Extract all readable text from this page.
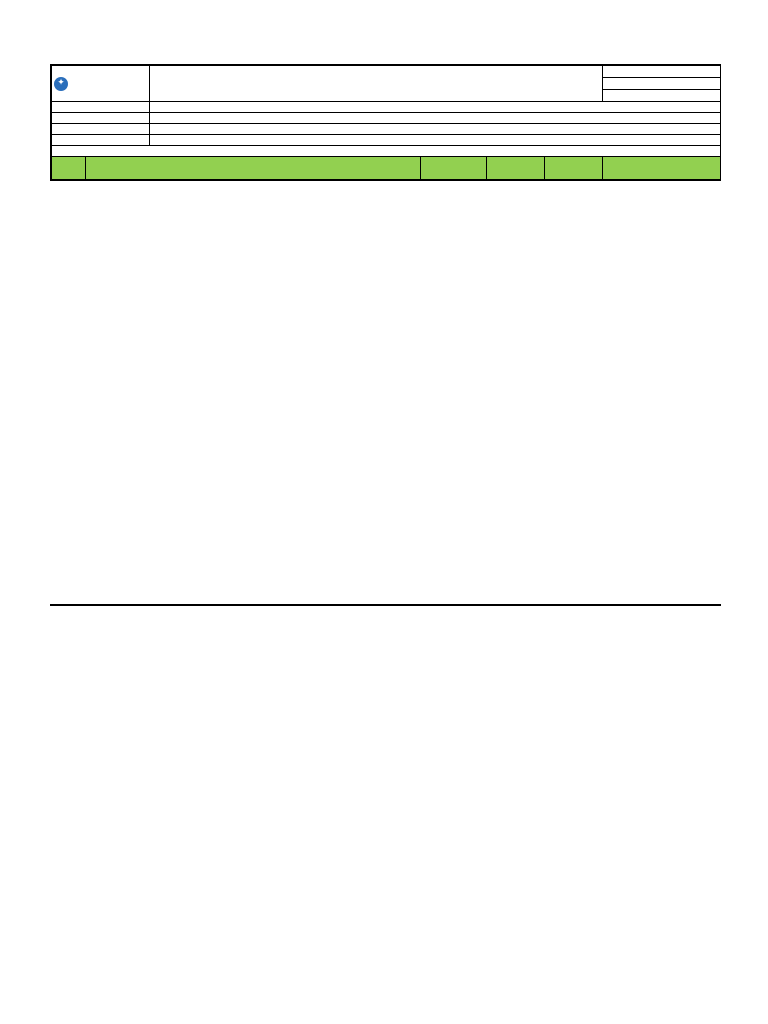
✦						
